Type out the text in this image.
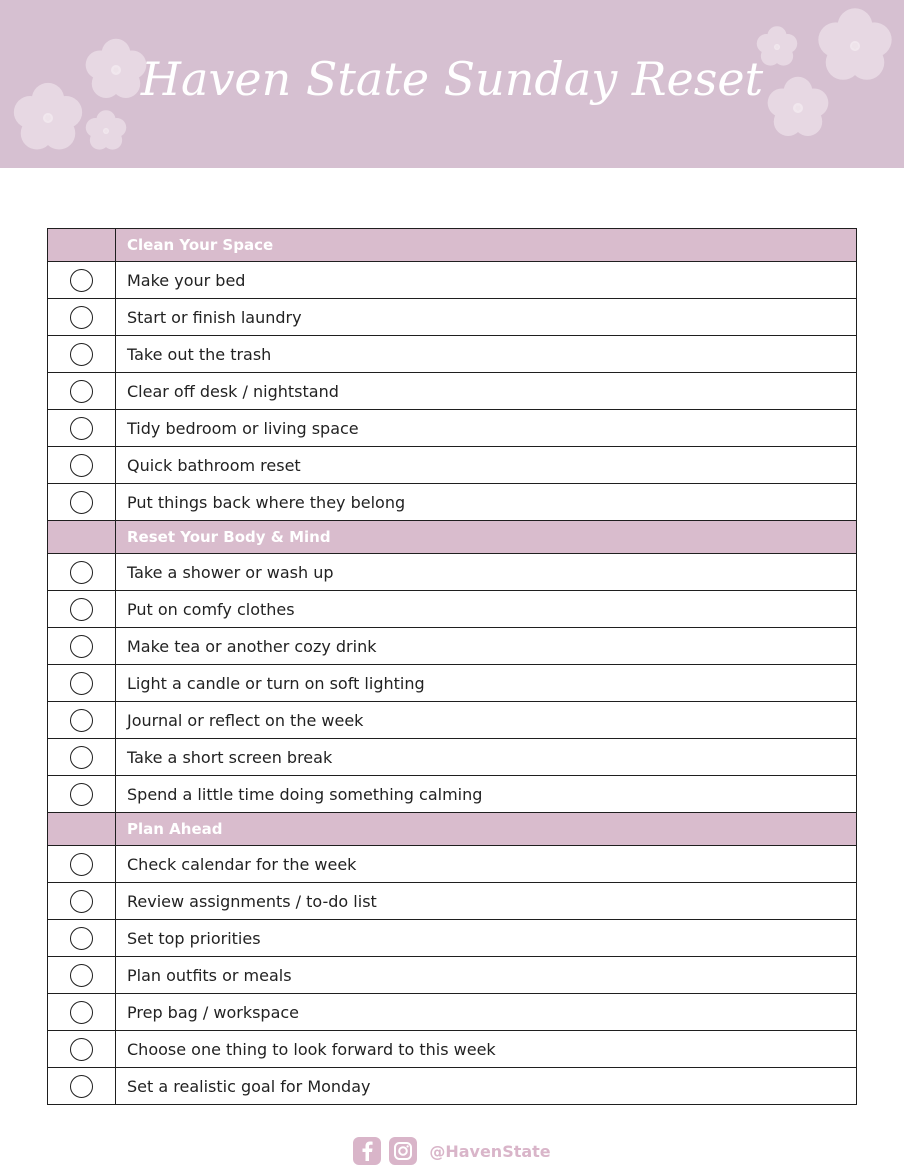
Haven State Sunday Reset
	Clean Your Space
	Make your bed
	Start or finish laundry
	Take out the trash
	Clear off desk / nightstand
	Tidy bedroom or living space
	Quick bathroom reset
	Put things back where they belong
	Reset Your Body & Mind
	Take a shower or wash up
	Put on comfy clothes
	Make tea or another cozy drink
	Light a candle or turn on soft lighting
	Journal or reflect on the week
	Take a short screen break
	Spend a little time doing something calming
	Plan Ahead
	Check calendar for the week
	Review assignments / to-do list
	Set top priorities
	Plan outfits or meals
	Prep bag / workspace
	Choose one thing to look forward to this week
	Set a realistic goal for Monday
@HavenState
